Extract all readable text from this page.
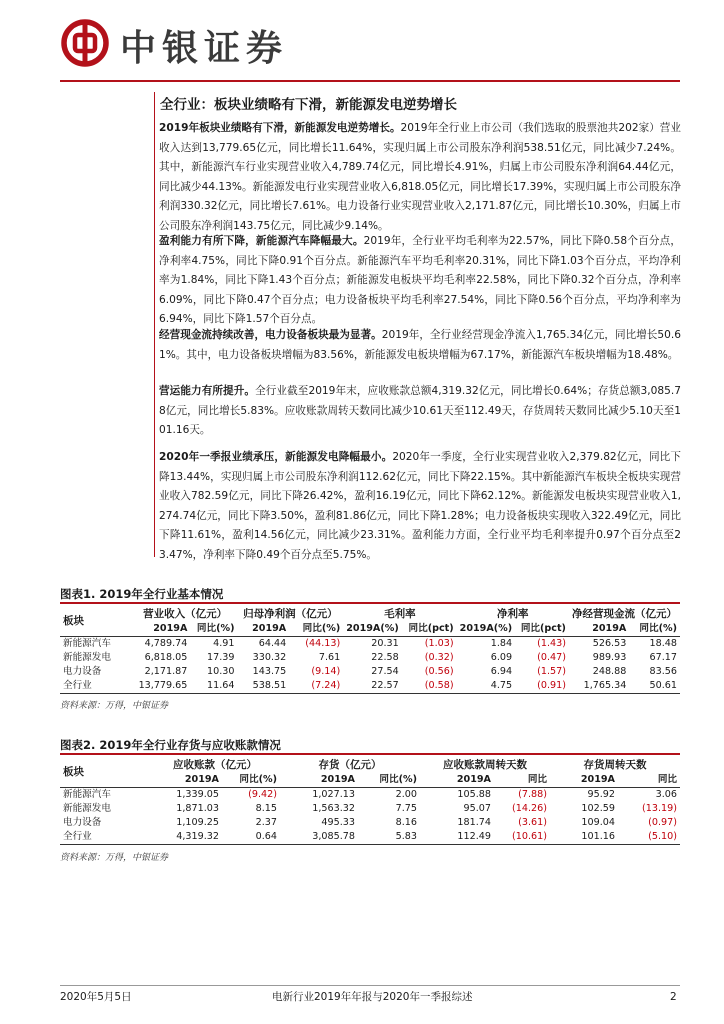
中银证券
全行业：板块业绩略有下滑，新能源发电逆势增长

2019年板块业绩略有下滑，新能源发电逆势增长。2019年全行业上市公司（我们选取的股票池共202家）营业收入达到13,779.65亿元，同比增长11.64%，实现归属上市公司股东净利润538.51亿元，同比减少7.24%。其中，新能源汽车行业实现营业收入4,789.74亿元，同比增长4.91%，归属上市公司股东净利润64.44亿元，同比减少44.13%。新能源发电行业实现营业收入6,818.05亿元，同比增长17.39%，实现归属上市公司股东净利润330.32亿元，同比增长7.61%。电力设备行业实现营业收入2,171.87亿元，同比增长10.30%，归属上市公司股东净利润143.75亿元，同比减少9.14%。

盈利能力有所下降，新能源汽车降幅最大。2019年，全行业平均毛利率为22.57%，同比下降0.58个百分点，净利率4.75%，同比下降0.91个百分点。新能源汽车平均毛利率20.31%，同比下降1.03个百分点，平均净利率为1.84%，同比下降1.43个百分点；新能源发电板块平均毛利率22.58%，同比下降0.32个百分点，净利率6.09%，同比下降0.47个百分点；电力设备板块平均毛利率27.54%，同比下降0.56个百分点，平均净利率为6.94%，同比下降1.57个百分点。

经营现金流持续改善，电力设备板块最为显著。2019年，全行业经营现金净流入1,765.34亿元，同比增长50.61%。其中，电力设备板块增幅为83.56%，新能源发电板块增幅为67.17%，新能源汽车板块增幅为18.48%。

营运能力有所提升。全行业截至2019年末，应收账款总额4,319.32亿元，同比增长0.64%；存货总额3,085.78亿元，同比增长5.83%。应收账款周转天数同比减少10.61天至112.49天，存货周转天数同比减少5.10天至101.16天。

2020年一季报业绩承压，新能源发电降幅最小。2020年一季度，全行业实现营业收入2,379.82亿元，同比下降13.44%，实现归属上市公司股东净利润112.62亿元，同比下降22.15%。其中新能源汽车板块全板块实现营业收入782.59亿元，同比下降26.42%，盈利16.19亿元，同比下降62.12%。新能源发电板块实现营业收入1,274.74亿元，同比下降3.50%，盈利81.86亿元，同比下降1.28%；电力设备板块实现收入322.49亿元，同比下降11.61%，盈利14.56亿元，同比减少23.31%。盈利能力方面，全行业平均毛利率提升0.97个百分点至23.47%，净利率下降0.49个百分点至5.75%。

图表1. 2019年全行业基本情况
板块	营业收入（亿元）		归母净利润（亿元）		毛利率		净利率		净经营现金流（亿元）	
	2019A	同比(%)	2019A	同比(%)	2019A(%)	同比(pct)	2019A(%)	同比(pct)	2019A	同比(%)
新能源汽车	4,789.74	4.91	64.44	(44.13)	20.31	(1.03)	1.84	(1.43)	526.53	18.48
新能源发电	6,818.05	17.39	330.32	7.61	22.58	(0.32)	6.09	(0.47)	989.93	67.17
电力设备	2,171.87	10.30	143.75	(9.14)	27.54	(0.56)	6.94	(1.57)	248.88	83.56
全行业	13,779.65	11.64	538.51	(7.24)	22.57	(0.58)	4.75	(0.91)	1,765.34	50.61
资料来源：万得，中银证券
图表2. 2019年全行业存货与应收账款情况
板块	应收账款（亿元）		存货（亿元）		应收账款周转天数		存货周转天数	
	2019A	同比(%)	2019A	同比(%)	2019A	同比	2019A	同比
新能源汽车	1,339.05	(9.42)	1,027.13	2.00	105.88	(7.88)	95.92	3.06
新能源发电	1,871.03	8.15	1,563.32	7.75	95.07	(14.26)	102.59	(13.19)
电力设备	1,109.25	2.37	495.33	8.16	181.74	(3.61)	109.04	(0.97)
全行业	4,319.32	0.64	3,085.78	5.83	112.49	(10.61)	101.16	(5.10)
资料来源：万得，中银证券
2020年5月5日	电新行业2019年年报与2020年一季报综述	2
